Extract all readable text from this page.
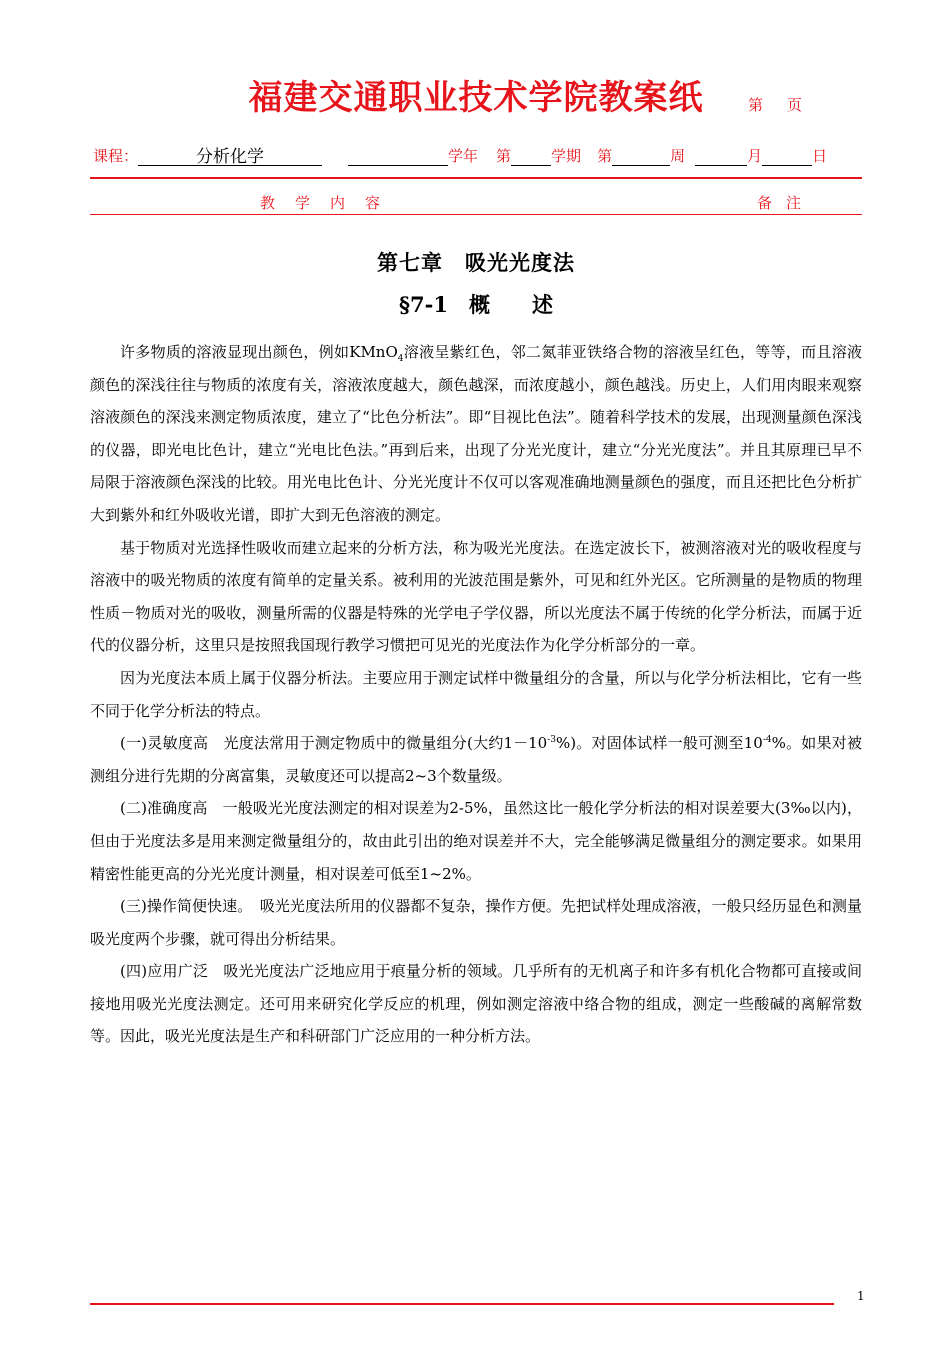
福建交通职业技术学院教案纸	第 页
课程：	分析化学	学年 第	学期 第	周	月	日
教学内容	备注
第七章　吸光光度法
§7-1　概　　述

许多物质的溶液显现出颜色，例如KMnO$_4$溶液呈紫红色，邻二氮菲亚铁络合物的溶液呈红色，等等，而且溶液颜色的深浅往往与物质的浓度有关，溶液浓度越大，颜色越深，而浓度越小，颜色越浅。历史上，人们用肉眼来观察溶液颜色的深浅来测定物质浓度，建立了“比色分析法”。即“目视比色法”。随着科学技术的发展，出现测量颜色深浅的仪器，即光电比色计，建立“光电比色法。”再到后来，出现了分光光度计，建立“分光光度法”。并且其原理已早不局限于溶液颜色深浅的比较。用光电比色计、分光光度计不仅可以客观准确地测量颜色的强度，而且还把比色分析扩大到紫外和红外吸收光谱，即扩大到无色溶液的测定。

基于物质对光选择性吸收而建立起来的分析方法，称为吸光光度法。在选定波长下，被测溶液对光的吸收程度与溶液中的吸光物质的浓度有简单的定量关系。被利用的光波范围是紫外，可见和红外光区。它所测量的是物质的物理性质－物质对光的吸收，测量所需的仪器是特殊的光学电子学仪器，所以光度法不属于传统的化学分析法，而属于近代的仪器分析，这里只是按照我国现行教学习惯把可见光的光度法作为化学分析部分的一章。

因为光度法本质上属于仪器分析法。主要应用于测定试样中微量组分的含量，所以与化学分析法相比，它有一些不同于化学分析法的特点。

(一)灵敏度高　光度法常用于测定物质中的微量组分(大约$1-10^{-3}\%$)。对固体试样一般可测至$10^{-4}\%$。如果对被测组分进行先期的分离富集，灵敏度还可以提高2~3个数量级。

(二)准确度高　一般吸光光度法测定的相对误差为2-5%，虽然这比一般化学分析法的相对误差要大(3‰以内)，但由于光度法多是用来测定微量组分的，故由此引出的绝对误差并不大，完全能够满足微量组分的测定要求。如果用精密性能更高的分光光度计测量，相对误差可低至1~2%。

(三)操作简便快速。　吸光光度法所用的仪器都不复杂，操作方便。先把试样处理成溶液，一般只经历显色和测量吸光度两个步骤，就可得出分析结果。

(四)应用广泛　吸光光度法广泛地应用于痕量分析的领域。几乎所有的无机离子和许多有机化合物都可直接或间接地用吸光光度法测定。还可用来研究化学反应的机理，例如测定溶液中络合物的组成，测定一些酸碱的离解常数等。因此，吸光光度法是生产和科研部门广泛应用的一种分析方法。

1
